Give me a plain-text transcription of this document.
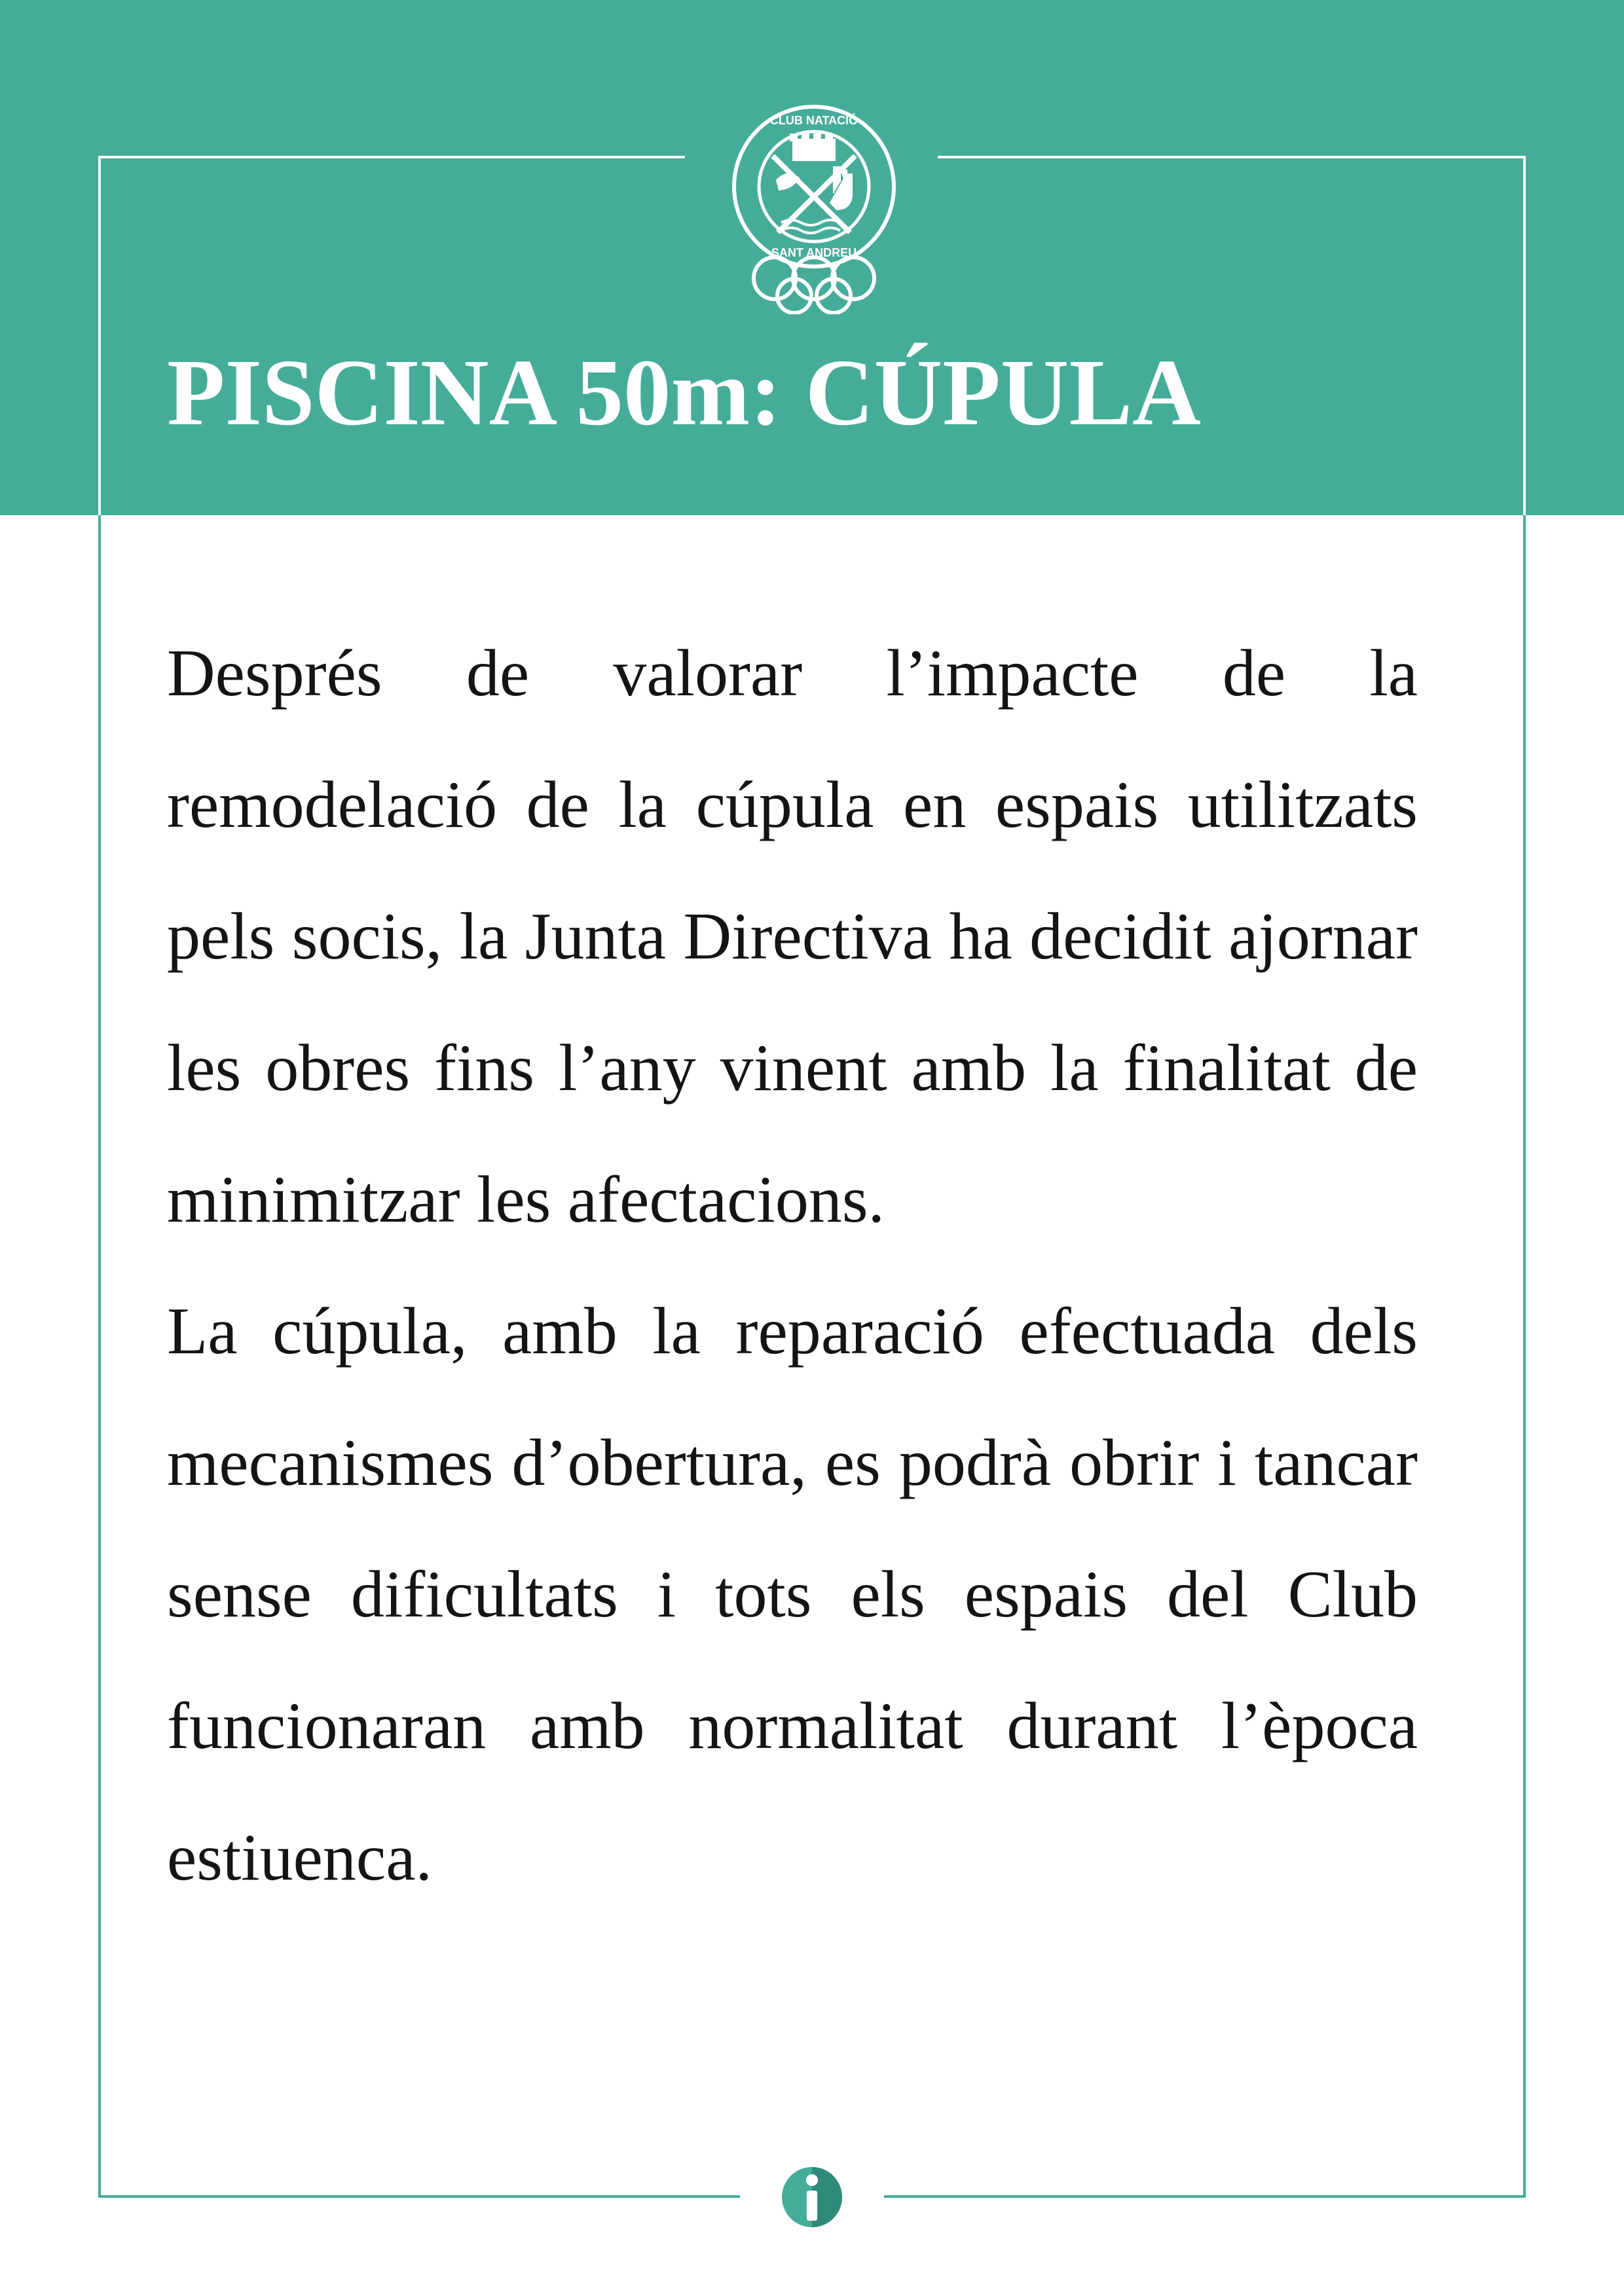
CLUB NATACIÓ
SANT ANDREU
PISCINA 50m: CÚPULA

Després de valorar l’impacte de la remodelació de la cúpula en espais utilitzats pels socis, la Junta Directiva ha decidit ajornar les obres fins l’any vinent amb la finalitat de minimitzar les afectacions.

La cúpula, amb la reparació efectuada dels mecanismes d’obertura, es podrà obrir i tancar sense dificultats i tots els espais del Club funcionaran amb normalitat durant l’època estiuenca.
